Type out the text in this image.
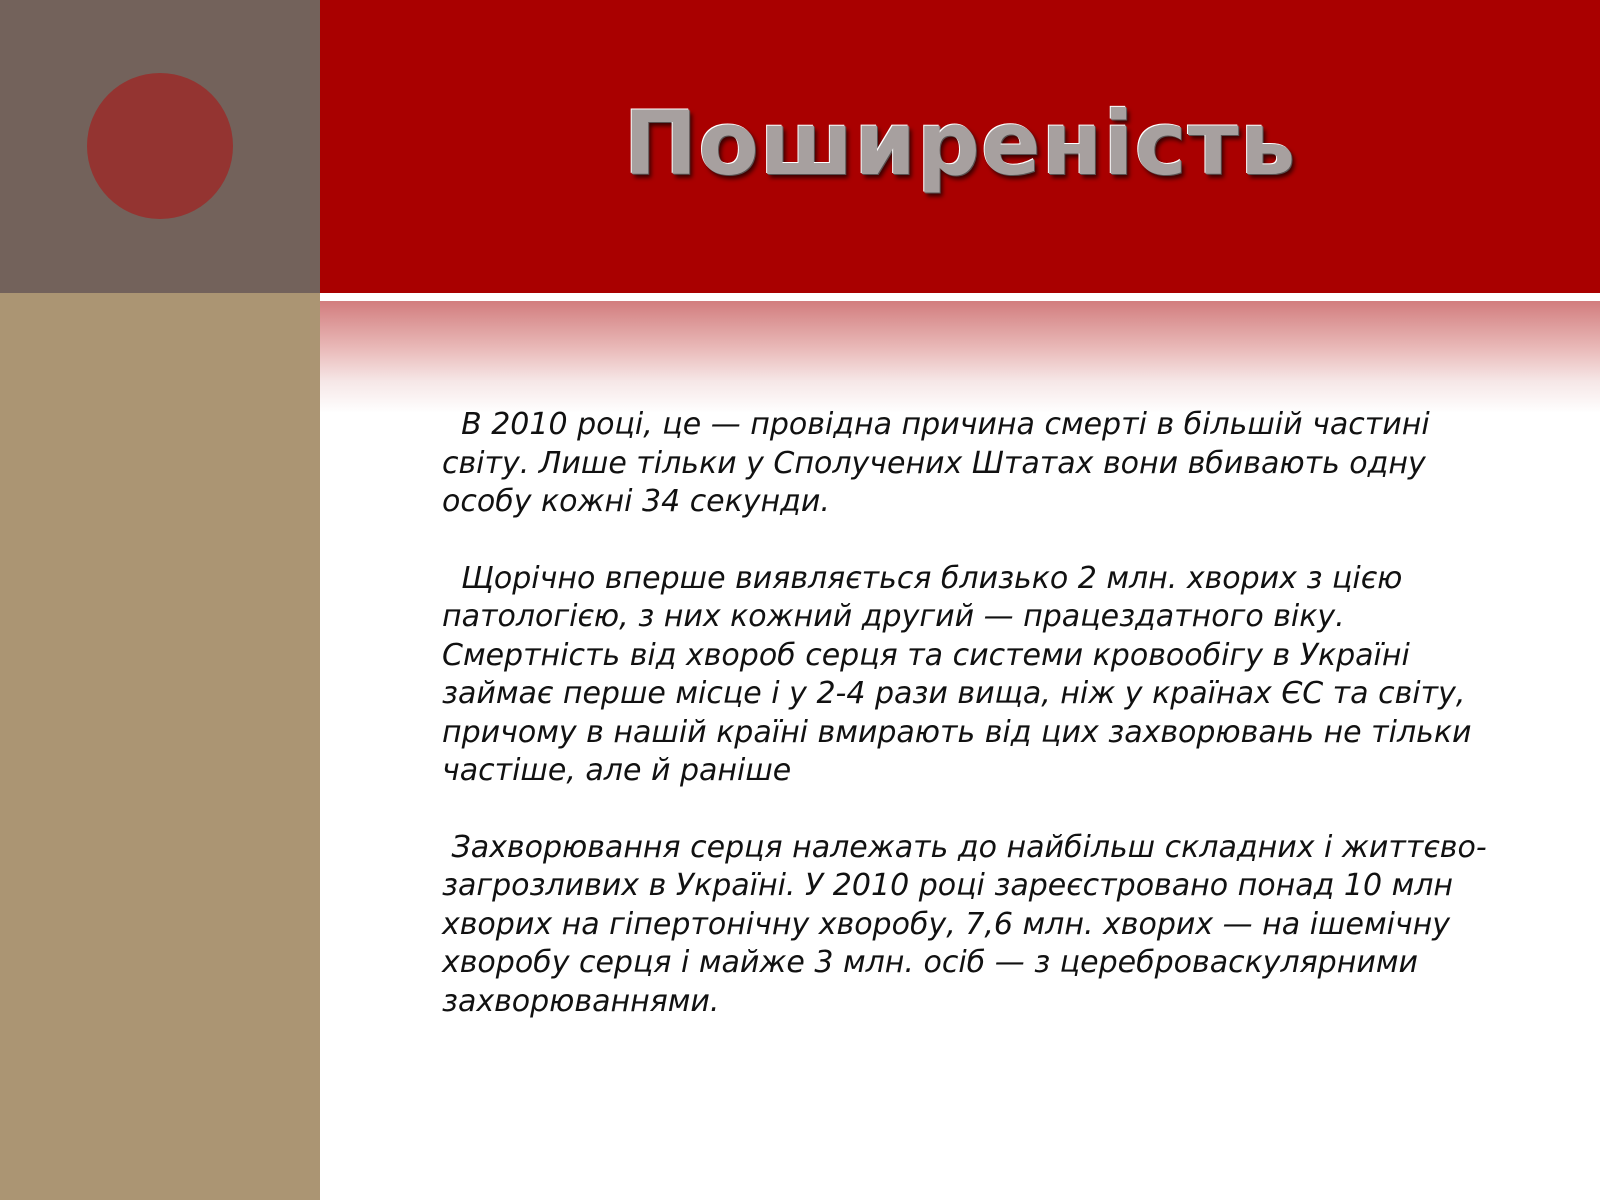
Поширеність

В 2010 році, це — провідна причина смерті в більшій частині світу. Лише тільки у Сполучених Штатах вони вбивають одну особу кожні 34 секунди.

Щорічно вперше виявляється близько 2 млн. хворих з цією патологією, з них кожний другий — працездатного віку. Смертність від хвороб серця та системи кровообігу в Україні займає перше місце і у 2-4 рази вища, ніж у країнах ЄС та світу, причому в нашій країні вмирають від цих захворювань не тільки частіше, але й раніше

Захворювання серця належать до найбільш складних і життєво-загрозливих в Україні. У 2010 році зареєстровано понад 10 млн хворих на гіпертонічну хворобу, 7,6 млн. хворих — на ішемічну хворобу серця і майже 3 млн. осіб — з цереброваскулярними захворюваннями.
